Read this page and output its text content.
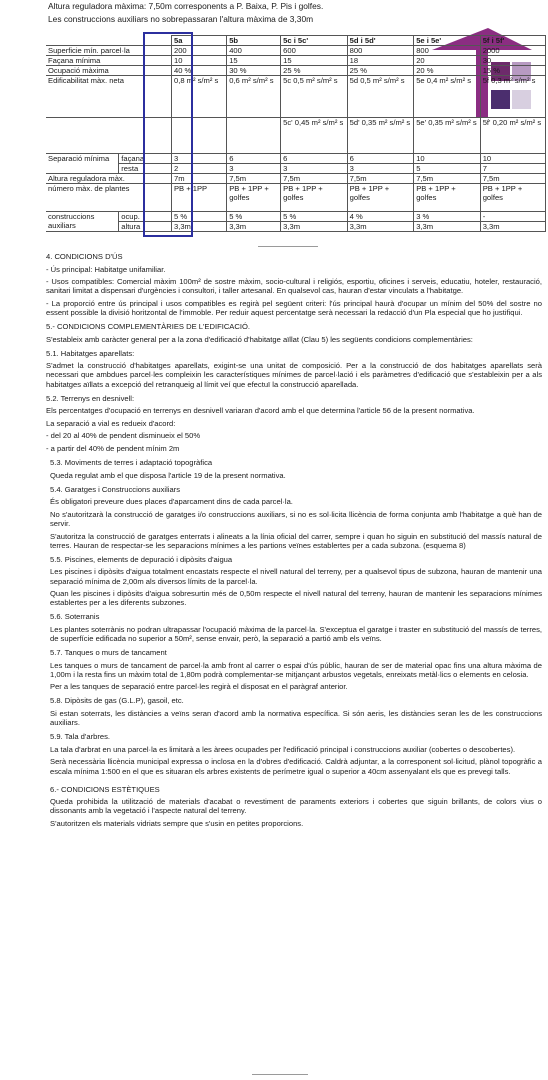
Altura reguladora màxima: 7,50m corresponents a P. Baixa, P. Pis i golfes.
Les construccions auxiliars no sobrepassaran l'altura màxima de 3,30m
		5a	5b	5c i 5c'	5d i 5d'	5e i 5e'	5f i 5f'
Superficie mín. parcel·la		200	400	600	800	800	2000
Façana mínima		10	15	15	18	20	30
Ocupació màxima		40 %	30 %	25 %	25 %	20 %	15 %
Edificabilitat màx. neta		0,8 m² s/m² s	0,6 m² s/m² s	5c 0,5 m² s/m² s	5d 0,5 m² s/m² s	5e 0,4 m² s/m² s	5f 0,3 m² s/m² s
				5c' 0,45 m² s/m² s	5d' 0,35 m² s/m² s	5e' 0,35 m² s/m² s	5f' 0,20 m² s/m² s
Separació mínima	façana	3	6	6	6	10	10
	resta	2	3	3	3	5	7
Altura reguladora màx.		7m	7,5m	7,5m	7,5m	7,5m	7,5m
número màx. de plantes		PB + 1PP	PB + 1PP + golfes	PB + 1PP + golfes	PB + 1PP + golfes	PB + 1PP + golfes	PB + 1PP + golfes
construccions auxiliars	ocup.	5 %	5 %	5 %	4 %	3 %	-
	altura	3,3m	3,3m	3,3m	3,3m	3,3m	3,3m

4. CONDICIONS D'ÚS

- Ús principal: Habitatge unifamiliar.

- Usos compatibles: Comercial màxim 100m² de sostre màxim, socio-cultural i religiós, esportiu, oficines i serveis, educatiu, hoteler, restauració, sanitari limitat a dispensari d'urgències i consultori, i taller artesanal. En qualsevol cas, hauran d'estar vinculats a l'habitatge.

- La proporció entre ús principal i usos compatibles es regirà pel següent criteri: l'ús principal haurà d'ocupar un mínim del 50% del sostre no essent possible la divisió horitzontal de l'immoble. Per reduir aquest percentatge serà necessari la redacció d'un Pla especial que ho justifiqui.

5.- CONDICIONS COMPLEMENTÀRIES DE L'EDIFICACIÓ.

S'estableix amb caràcter general per a la zona d'edificació d'habitatge aïllat (Clau 5) les següents condicions complementàries:

5.1. Habitatges aparellats:

S'admet la construcció d'habitatges aparellats, exigint-se una unitat de composició. Per a la construcció de dos habitatges aparellats serà necessari que ambdues parcel·les compleixin les característiques mínimes de parcel·lació i els paràmetres d'edificació que s'estableixin per a als habitatges aïllats a excepció del retranqueig al límit veí que efectuï la construcció aparellada.

5.2. Terrenys en desnivell:

Els percentatges d'ocupació en terrenys en desnivell variaran d'acord amb el que determina l'article 56 de la present normativa.

La separació a vial es redueix d'acord:

- del 20 al 40% de pendent disminueix el 50%

- a partir del 40% de pendent mínim 2m

5.3. Moviments de terres i adaptació topogràfica

Queda regulat amb el que disposa l'article 19 de la present normativa.

5.4. Garatges i Construccions auxiliars

És obligatori preveure dues places d'aparcament dins de cada parcel·la.

No s'autoritzarà la construcció de garatges i/o construccions auxiliars, si no es sol·licita llicència de forma conjunta amb l'habitatge a què han de servir.

S'autoritza la construcció de garatges enterrats i alineats a la línia oficial del carrer, sempre i quan ho siguin en substitució del massís natural de terres. Hauran de respectar-se les separacions mínimes a les partions veïnes establertes per a cada subzona. (esquema 8)

5.5. Piscines, elements de depuració i dipòsits d'aigua

Les piscines i dipòsits d'aigua totalment encastats respecte el nivell natural del terreny, per a qualsevol tipus de subzona, hauran de mantenir una separació mínima de 2,00m als diversos límits de la parcel·la.

Quan les piscines i dipòsits d'aigua sobresurtin més de 0,50m respecte el nivell natural del terreny, hauran de mantenir les separacions mínimes establertes per a les diferents subzones.

5.6. Soterranis

Les plantes soterrànis no podran ultrapassar l'ocupació màxima de la parcel·la. S'exceptua el garatge i traster en substitució del massís de terres, de superfície edificada no superior a 50m², sense envair, però, la separació a partió amb els veïns.

5.7. Tanques o murs de tancament

Les tanques o murs de tancament de parcel·la amb front al carrer o espai d'ús públic, hauran de ser de material opac fins una altura màxima de 1,00m i la resta fins un màxim total de 1,80m podrà complementar-se mitjançant arbustos vegetals, enreixats metàl·lics o elements en celosia.

Per a les tanques de separació entre parcel·les regirà el disposat en el paràgraf anterior.

5.8. Dipòsits de gas (G.L.P), gasoil, etc.

Si estan soterrats, les distàncies a veïns seran d'acord amb la normativa específica. Si són aeris, les distàncies seran les de les construccions auxiliars.

5.9. Tala d'arbres.

La tala d'arbrat en una parcel·la es limitarà a les àrees ocupades per l'edificació principal i construccions auxiliar (cobertes o descobertes).

Serà necessària llicència municipal expressa o inclosa en la d'obres d'edificació. Caldrà adjuntar, a la corresponent sol·licitud, plànol topogràfic a escala mínima 1:500 en el que es situaran els arbres existents de perímetre igual o superior a 40cm assenyalant els que es prevegi talls.

6.- CONDICIONS ESTÈTIQUES

Queda prohibida la utilització de materials d'acabat o revestiment de paraments exteriors i cobertes que siguin brillants, de colors vius o dissonants amb la vegetació i l'aspecte natural del terreny.

S'autoritzen els materials vidriats sempre que s'usin en petites proporcions.
